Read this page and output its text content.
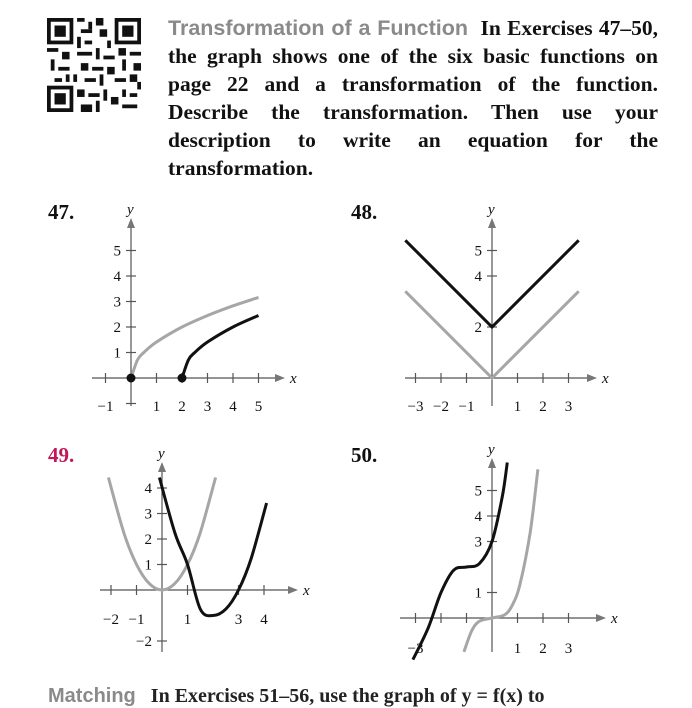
Transformation of a Function In Exercises 47–50, the graph shows one of the six basic functions on page 22 and a transformation of the function. Describe the transformation. Then use your description to write an equation for the transformation.
47.	48.
49.	50.
x
y
−1	1 2 3 4 5
1
2
3
4
5
x
y
−3 −2 −1	1 2 3
2
4
5
x
y
−2 −1	1	3 4
−2
1
2
3
4
x
y
−3	1 2 3
1
3
4
5
Matching In Exercises 51–56, use the graph of y = f(x) to
